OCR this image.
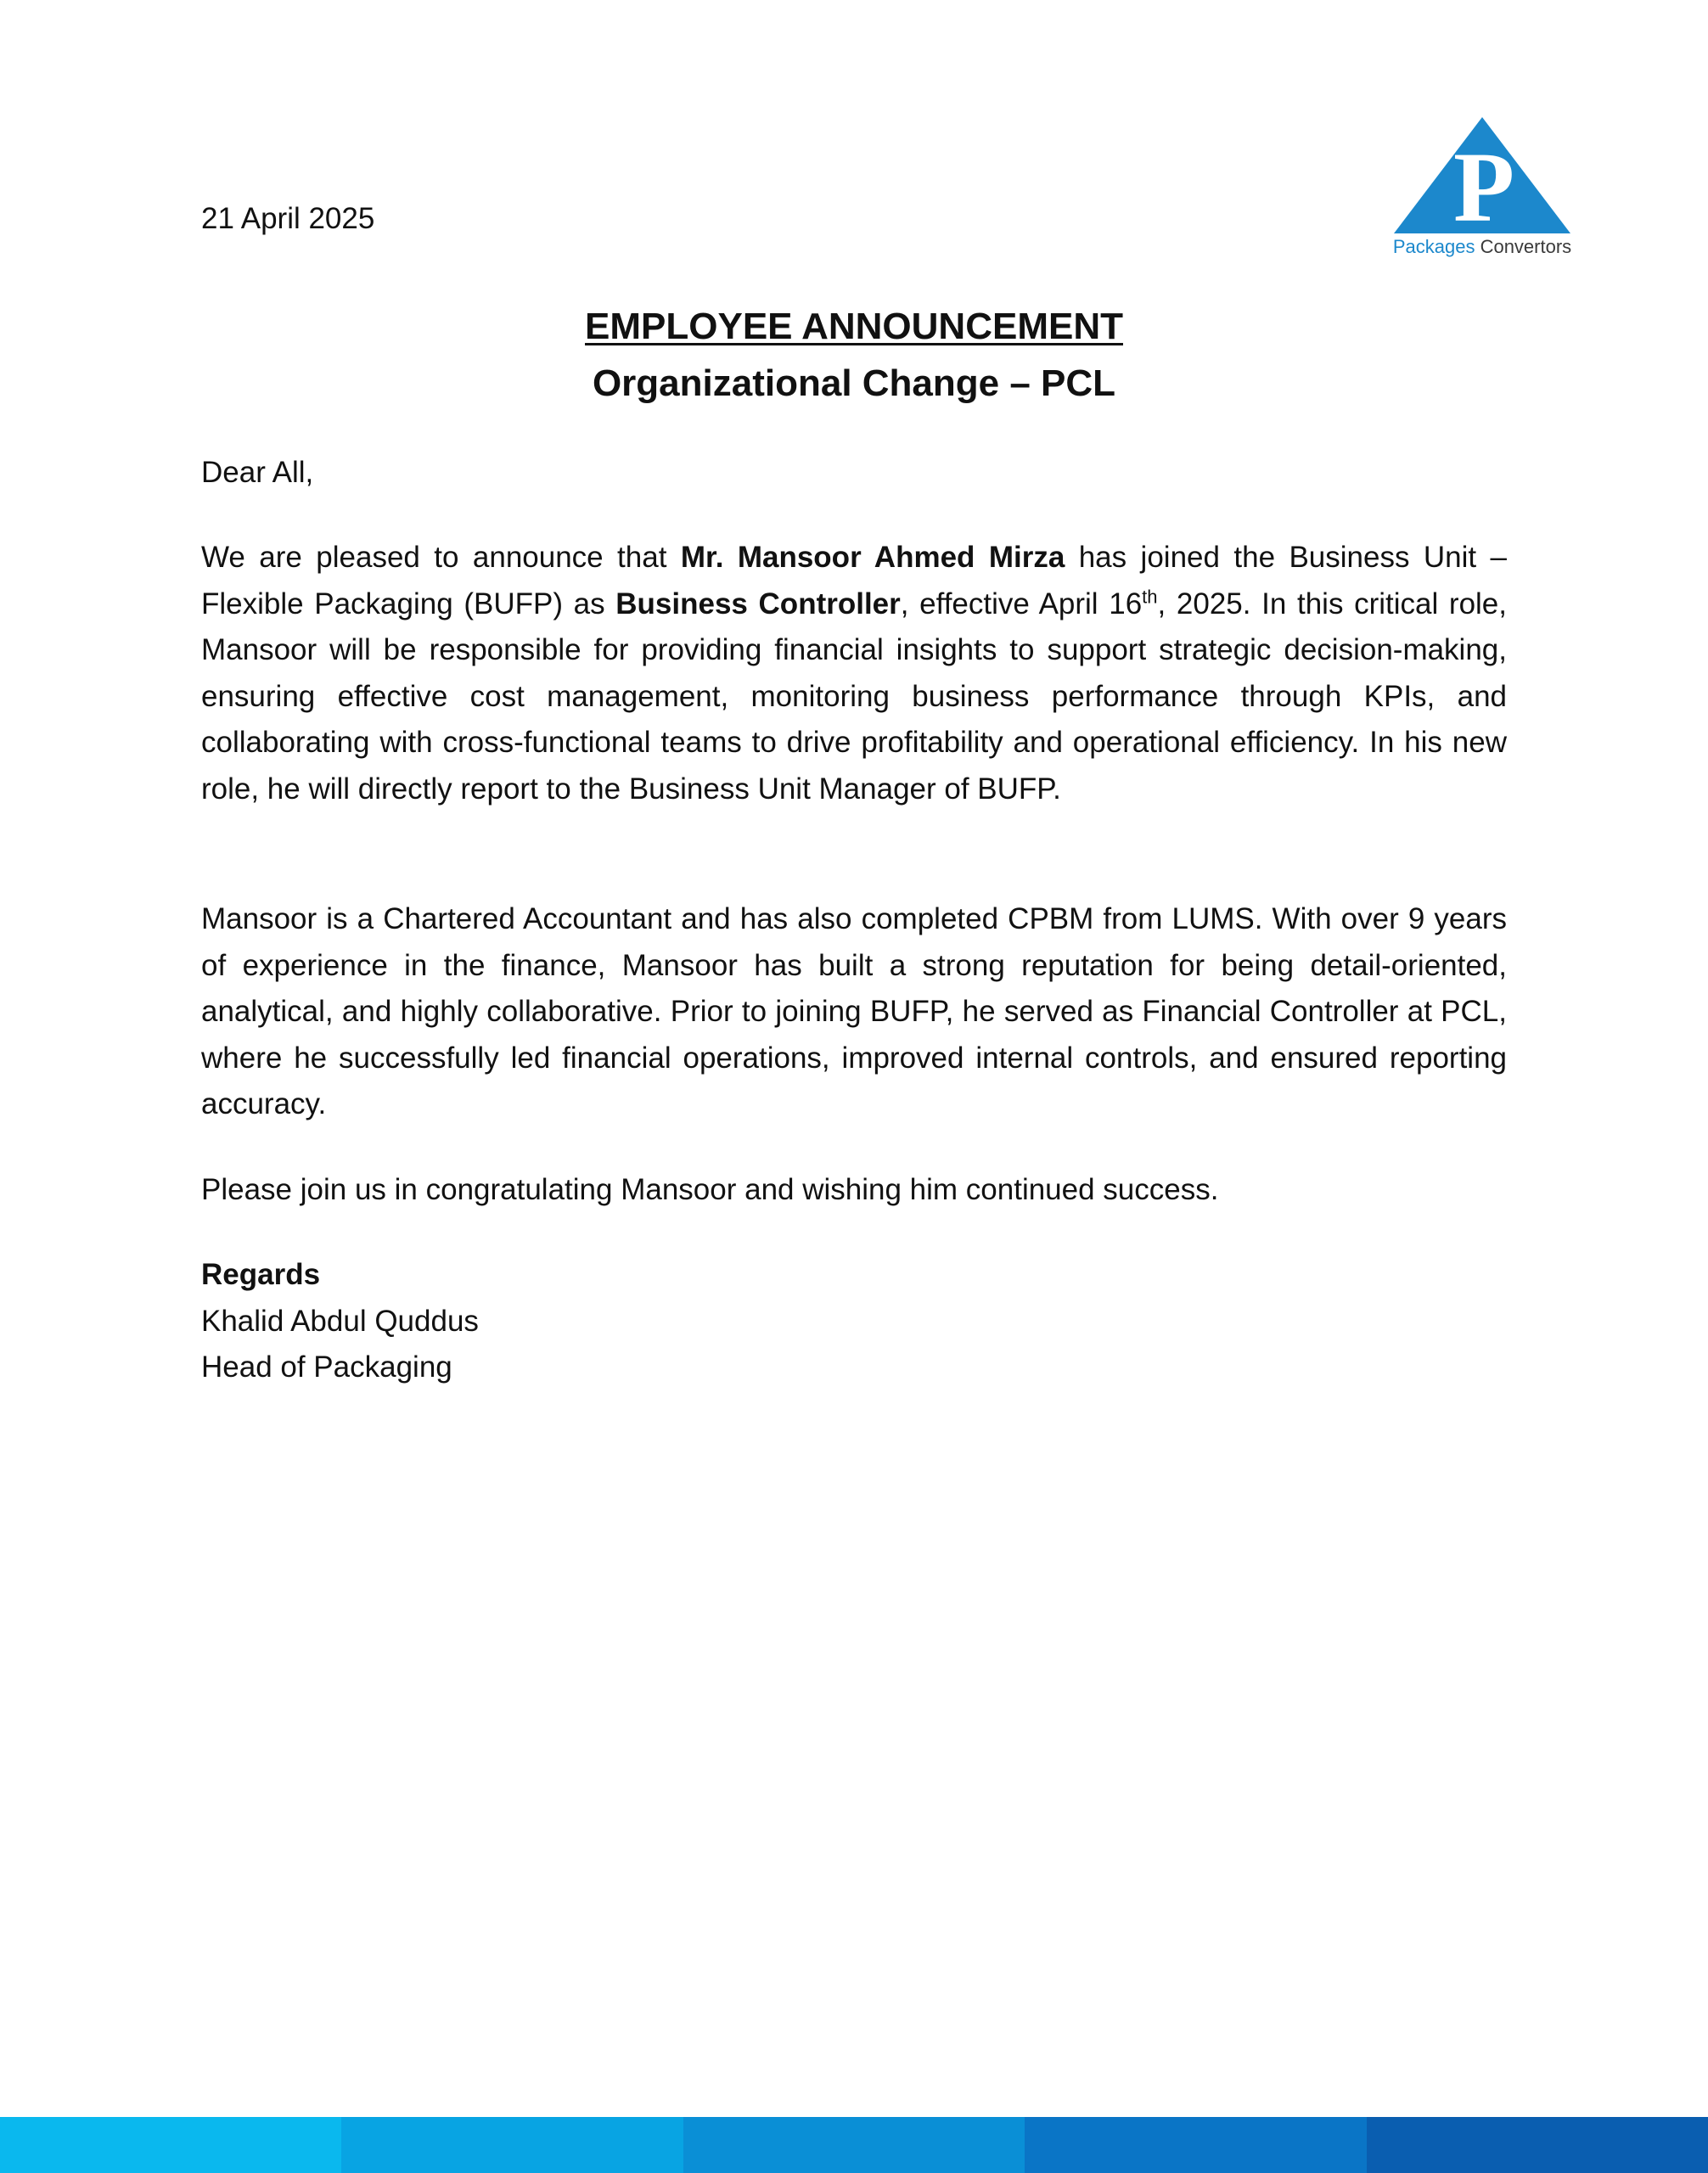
21 April 2025	P
Packages Convertors
EMPLOYEE ANNOUNCEMENT
Organizational Change – PCL
Dear All,
We are pleased to announce that Mr. Mansoor Ahmed Mirza has joined the Business Unit – Flexible Packaging (BUFP) as Business Controller, effective April 16th, 2025. In this critical role, Mansoor will be responsible for providing financial insights to support strategic decision-making, ensuring effective cost management, monitoring business performance through KPIs, and collaborating with cross-functional teams to drive profitability and operational efficiency. In his new role, he will directly report to the Business Unit Manager of BUFP.
Mansoor is a Chartered Accountant and has also completed CPBM from LUMS. With over 9 years of experience in the finance, Mansoor has built a strong reputation for being detail-oriented, analytical, and highly collaborative. Prior to joining BUFP, he served as Financial Controller at PCL, where he successfully led financial operations, improved internal controls, and ensured reporting accuracy.
Please join us in congratulating Mansoor and wishing him continued success.
Regards
Khalid Abdul Quddus
Head of Packaging
